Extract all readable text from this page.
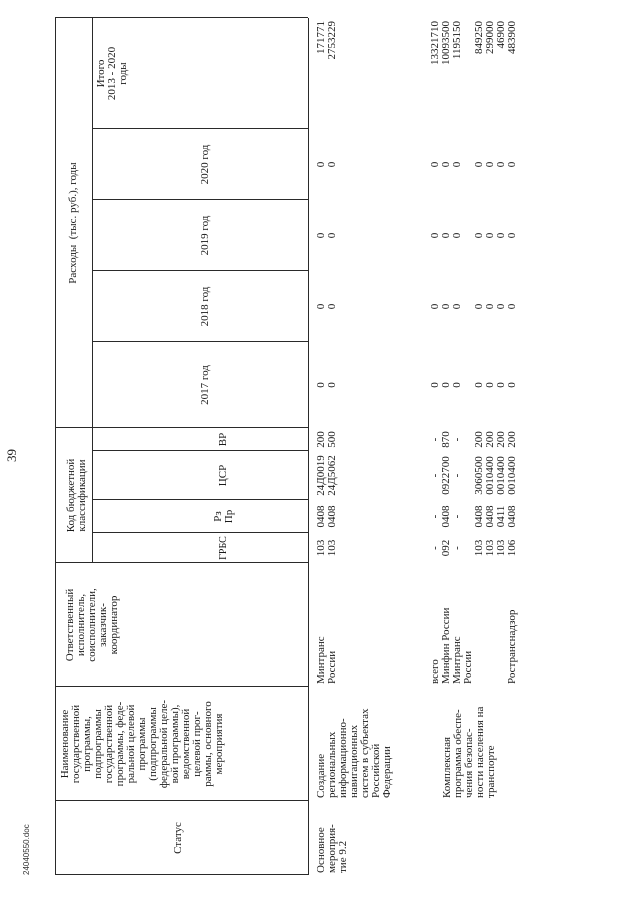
39
Статус
Наименование государственной программы, подпрограммы государственной программы, феде- ральной целевой программы (подпрограммы федеральной целе- вой программы), ведомственной целевой прог- раммы, основного мероприятия
Ответственный исполнитель, соисполнители, заказчик- координатор
Код бюджетной классификации
ГРБС
Рз Пр
ЦСР
ВР
Расходы  (тыс. руб.), годы
2017 год
2018 год
2019 год
2020 год
Итого 2013 - 2020 годы
Основное мероприя- тие 9.2
Создание региональных информационно- навигационных систем в субъектах Российской Федерации
Минтранс России
Комплексная программа обеспе- чения безопас- ности населения на транспорте
всего Минфин России Минтранс России	Ространснадзор
103
0408
24Д0019
200
0
0
0
0
171771
103
0408
24Д5062
500
0
0
0
0
2753229
-
-
-
-
0
0
0
0
13321710
092
0408
0922700
870
0
0
0
0
10093500
-
-
-
-
0
0
0
0
1195150
103
0408
3060500
200
0
0
0
0
849250
103
0408
0010400
200
0
0
0
0
299000
103
0411
0010400
200
0
0
0
0
46900
106
0408
0010400
200
0
0
0
0
483900
24040550.doc
